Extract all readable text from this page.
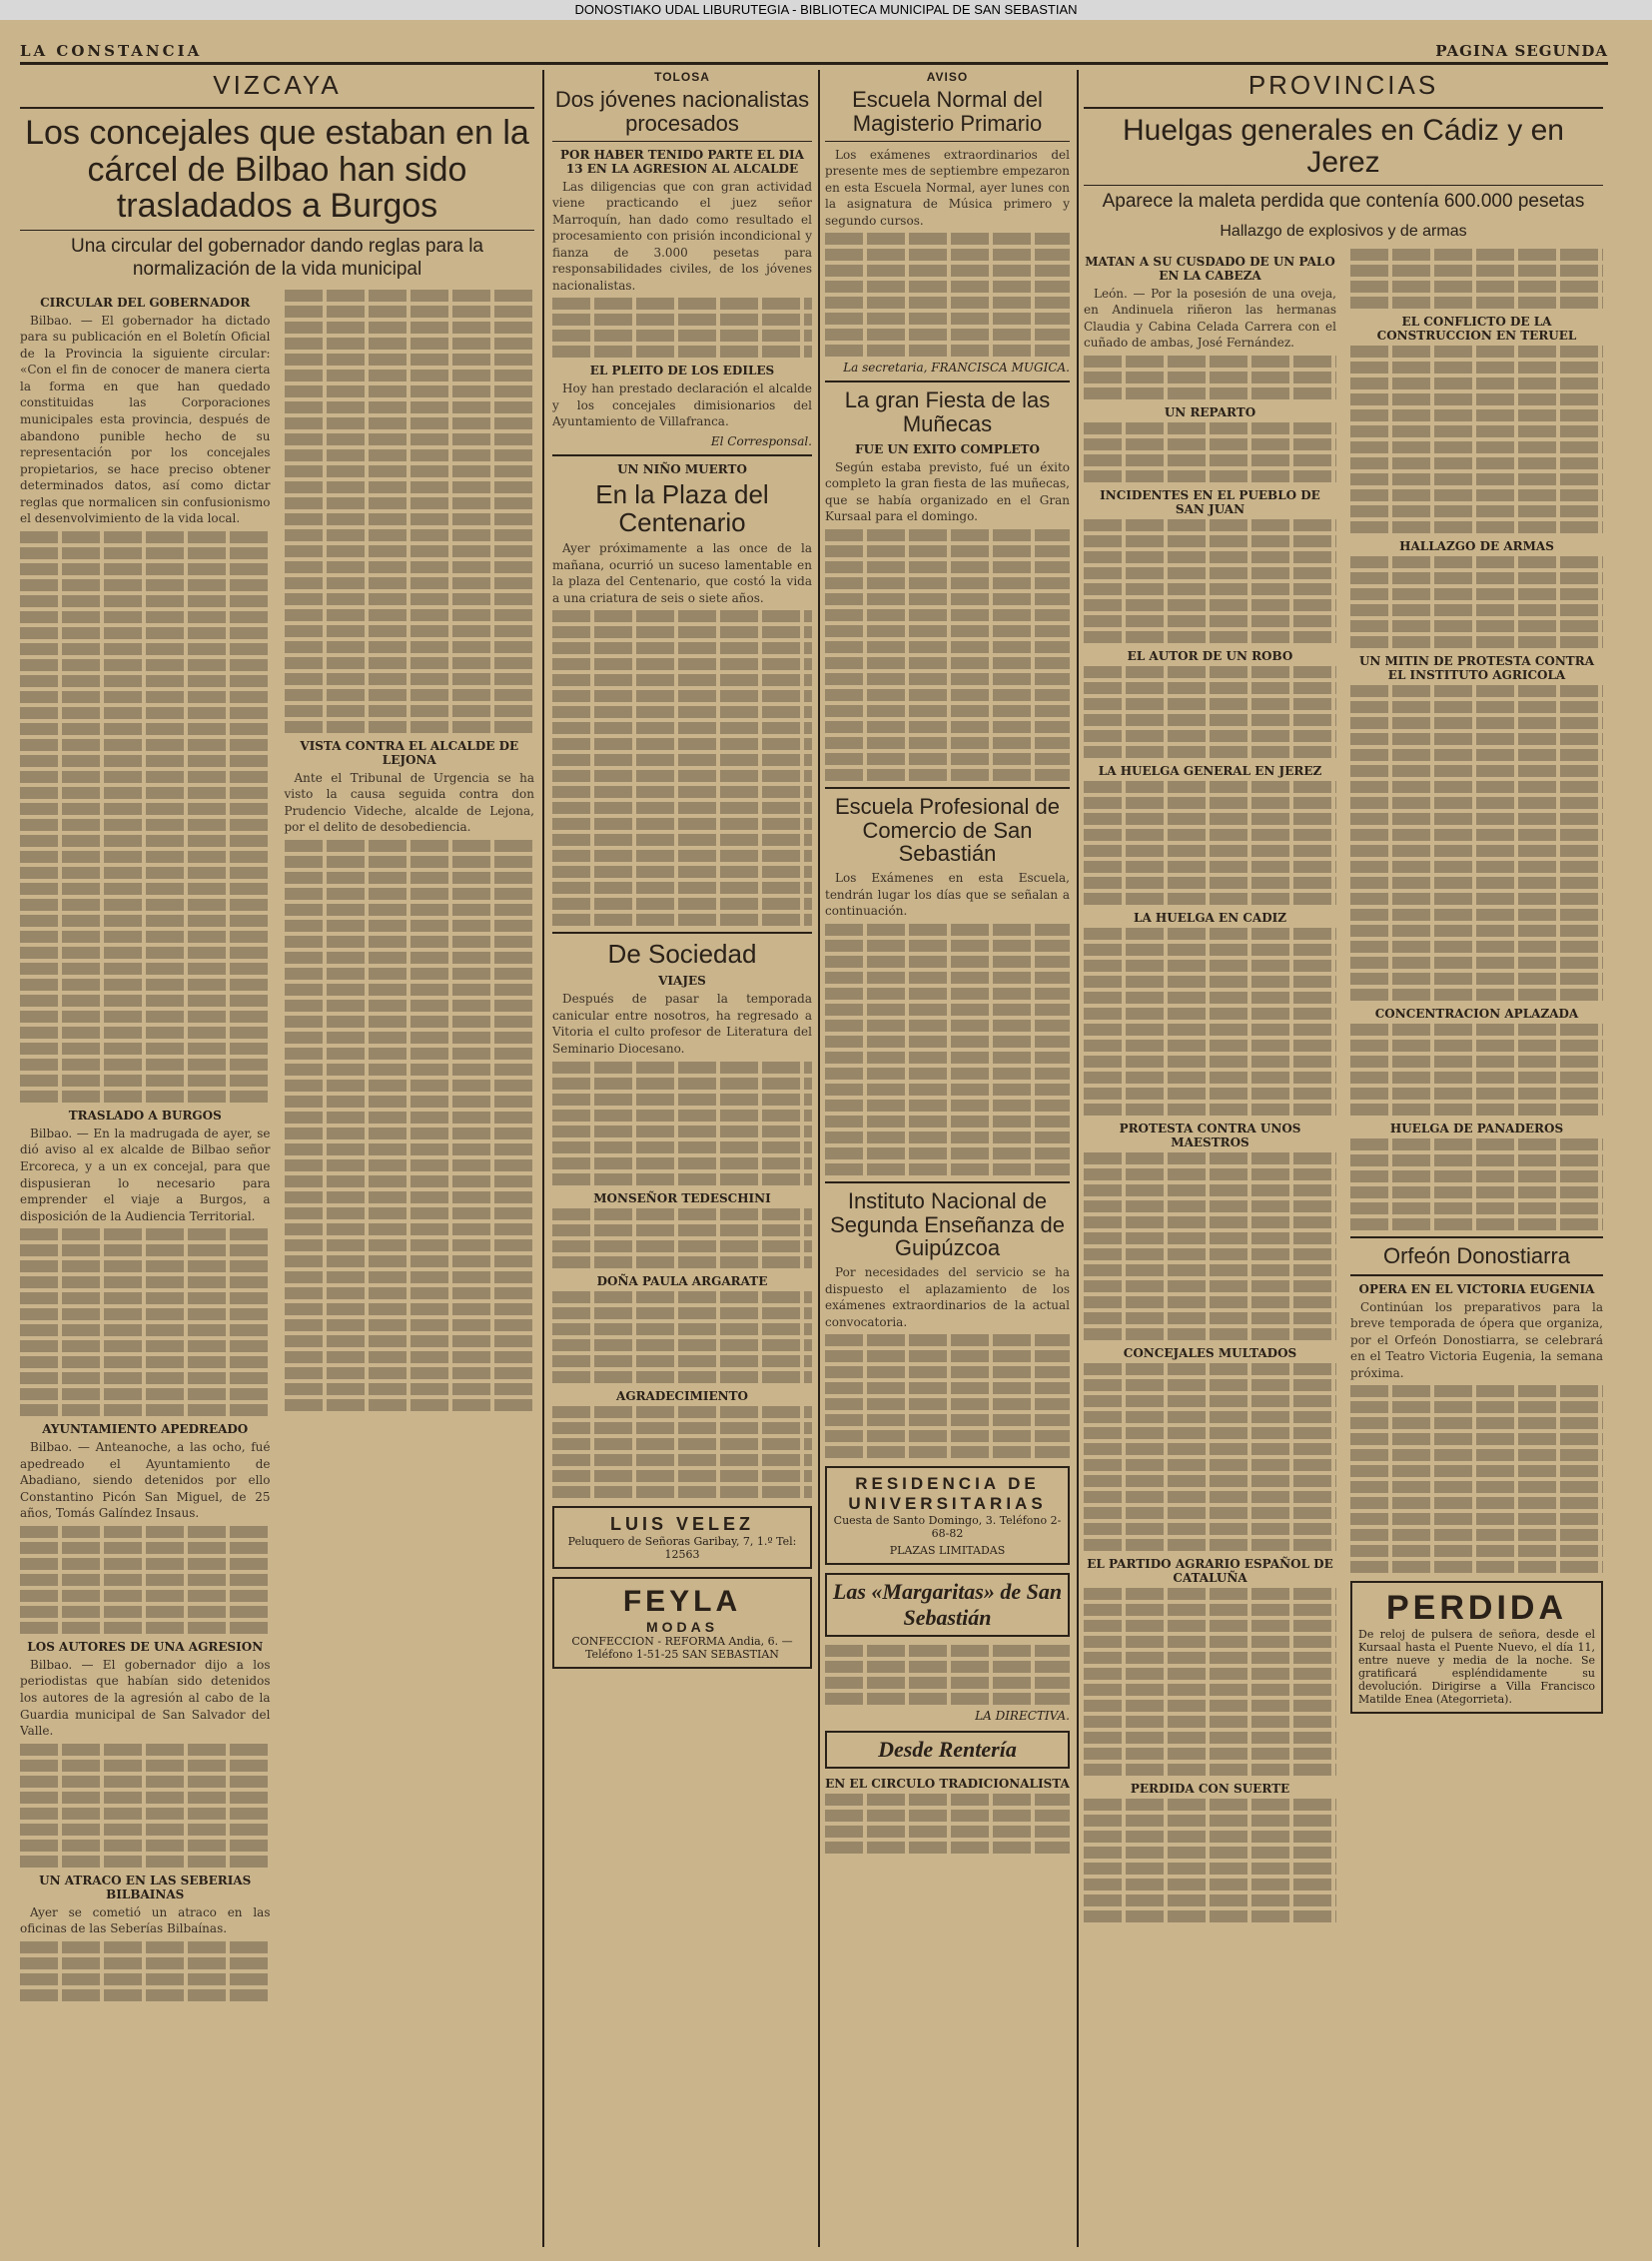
DONOSTIAKO UDAL LIBURUTEGIA - BIBLIOTECA MUNICIPAL DE SAN SEBASTIAN
LA CONSTANCIA	PAGINA SEGUNDA
VIZCAYA
Los concejales que estaban en la cárcel de Bilbao han sido trasladados a Burgos
Una circular del gobernador dando reglas para la normalización de la vida municipal
CIRCULAR DEL GOBERNADOR

Bilbao. — El gobernador ha dictado para su publicación en el Boletín Oficial de la Provincia la siguiente circular: «Con el fin de conocer de manera cierta la forma en que han quedado constituidas las Corporaciones municipales esta provincia, después de abandono punible hecho de su representación por los concejales propietarios, se hace preciso obtener determinados datos, así como dictar reglas que normalicen sin confusionismo el desenvolvimiento de la vida local.

TRASLADO A BURGOS

Bilbao. — En la madrugada de ayer, se dió aviso al ex alcalde de Bilbao señor Ercoreca, y a un ex concejal, para que dispusieran lo necesario para emprender el viaje a Burgos, a disposición de la Audiencia Territorial.

AYUNTAMIENTO APEDREADO

Bilbao. — Anteanoche, a las ocho, fué apedreado el Ayuntamiento de Abadiano, siendo detenidos por ello Constantino Picón San Miguel, de 25 años, Tomás Galíndez Insaus.

LOS AUTORES DE UNA AGRESION

Bilbao. — El gobernador dijo a los periodistas que habían sido detenidos los autores de la agresión al cabo de la Guardia municipal de San Salvador del Valle.

UN ATRACO EN LAS SEBERIAS BILBAINAS

Ayer se cometió un atraco en las oficinas de las Seberías Bilbaínas.

VISTA CONTRA EL ALCALDE DE LEJONA

Ante el Tribunal de Urgencia se ha visto la causa seguida contra don Prudencio Videche, alcalde de Lejona, por el delito de desobediencia.

TOLOSA
Dos jóvenes nacionalistas procesados
POR HABER TENIDO PARTE EL DIA 13 EN LA AGRESION AL ALCALDE

Las diligencias que con gran actividad viene practicando el juez señor Marroquín, han dado como resultado el procesamiento con prisión incondicional y fianza de 3.000 pesetas para responsabilidades civiles, de los jóvenes nacionalistas.

EL PLEITO DE LOS EDILES

Hoy han prestado declaración el alcalde y los concejales dimisionarios del Ayuntamiento de Villafranca.

El Corresponsal.
UN NIÑO MUERTO
En la Plaza del Centenario

Ayer próximamente a las once de la mañana, ocurrió un suceso lamentable en la plaza del Centenario, que costó la vida a una criatura de seis o siete años.

De Sociedad
VIAJES

Después de pasar la temporada canicular entre nosotros, ha regresado a Vitoria el culto profesor de Literatura del Seminario Diocesano.

MONSEÑOR TEDESCHINI
DOÑA PAULA ARGARATE
AGRADECIMIENTO
LUIS VELEZ
Peluquero de Señoras Garibay, 7, 1.º Tel: 12563
FEYLA
MODAS
CONFECCION - REFORMA Andia, 6. — Teléfono 1-51-25 SAN SEBASTIAN
AVISO
Escuela Normal del Magisterio Primario

Los exámenes extraordinarios del presente mes de septiembre empezaron en esta Escuela Normal, ayer lunes con la asignatura de Música primero y segundo cursos.

La secretaria, FRANCISCA MUGICA.
La gran Fiesta de las Muñecas
FUE UN EXITO COMPLETO

Según estaba previsto, fué un éxito completo la gran fiesta de las muñecas, que se había organizado en el Gran Kursaal para el domingo.

Escuela Profesional de Comercio de San Sebastián

Los Exámenes en esta Escuela, tendrán lugar los días que se señalan a continuación.

Instituto Nacional de Segunda Enseñanza de Guipúzcoa

Por necesidades del servicio se ha dispuesto el aplazamiento de los exámenes extraordinarios de la actual convocatoria.

RESIDENCIA DE UNIVERSITARIAS
Cuesta de Santo Domingo, 3. Teléfono 2-68-82
PLAZAS LIMITADAS
Las «Margaritas» de San Sebastián
LA DIRECTIVA.
Desde Rentería
EN EL CIRCULO TRADICIONALISTA
PROVINCIAS
Huelgas generales en Cádiz y en Jerez
Aparece la maleta perdida que contenía 600.000 pesetas
Hallazgo de explosivos y de armas
MATAN A SU CUSDADO DE UN PALO EN LA CABEZA

León. — Por la posesión de una oveja, en Andinuela riñeron las hermanas Claudia y Cabina Celada Carrera con el cuñado de ambas, José Fernández.

UN REPARTO
INCIDENTES EN EL PUEBLO DE SAN JUAN
EL AUTOR DE UN ROBO
LA HUELGA GENERAL EN JEREZ
LA HUELGA EN CADIZ
PROTESTA CONTRA UNOS MAESTROS
CONCEJALES MULTADOS
EL PARTIDO AGRARIO ESPAÑOL DE CATALUÑA
PERDIDA CON SUERTE
EL CONFLICTO DE LA CONSTRUCCION EN TERUEL
HALLAZGO DE ARMAS
UN MITIN DE PROTESTA CONTRA EL INSTITUTO AGRICOLA
CONCENTRACION APLAZADA
HUELGA DE PANADEROS
Orfeón Donostiarra
OPERA EN EL VICTORIA EUGENIA

Continúan los preparativos para la breve temporada de ópera que organiza, por el Orfeón Donostiarra, se celebrará en el Teatro Victoria Eugenia, la semana próxima.

PERDIDA
De reloj de pulsera de señora, desde el Kursaal hasta el Puente Nuevo, el día 11, entre nueve y media de la noche. Se gratificará espléndidamente su devolución. Dirigirse a Villa Francisco Matilde Enea (Ategorrieta).
